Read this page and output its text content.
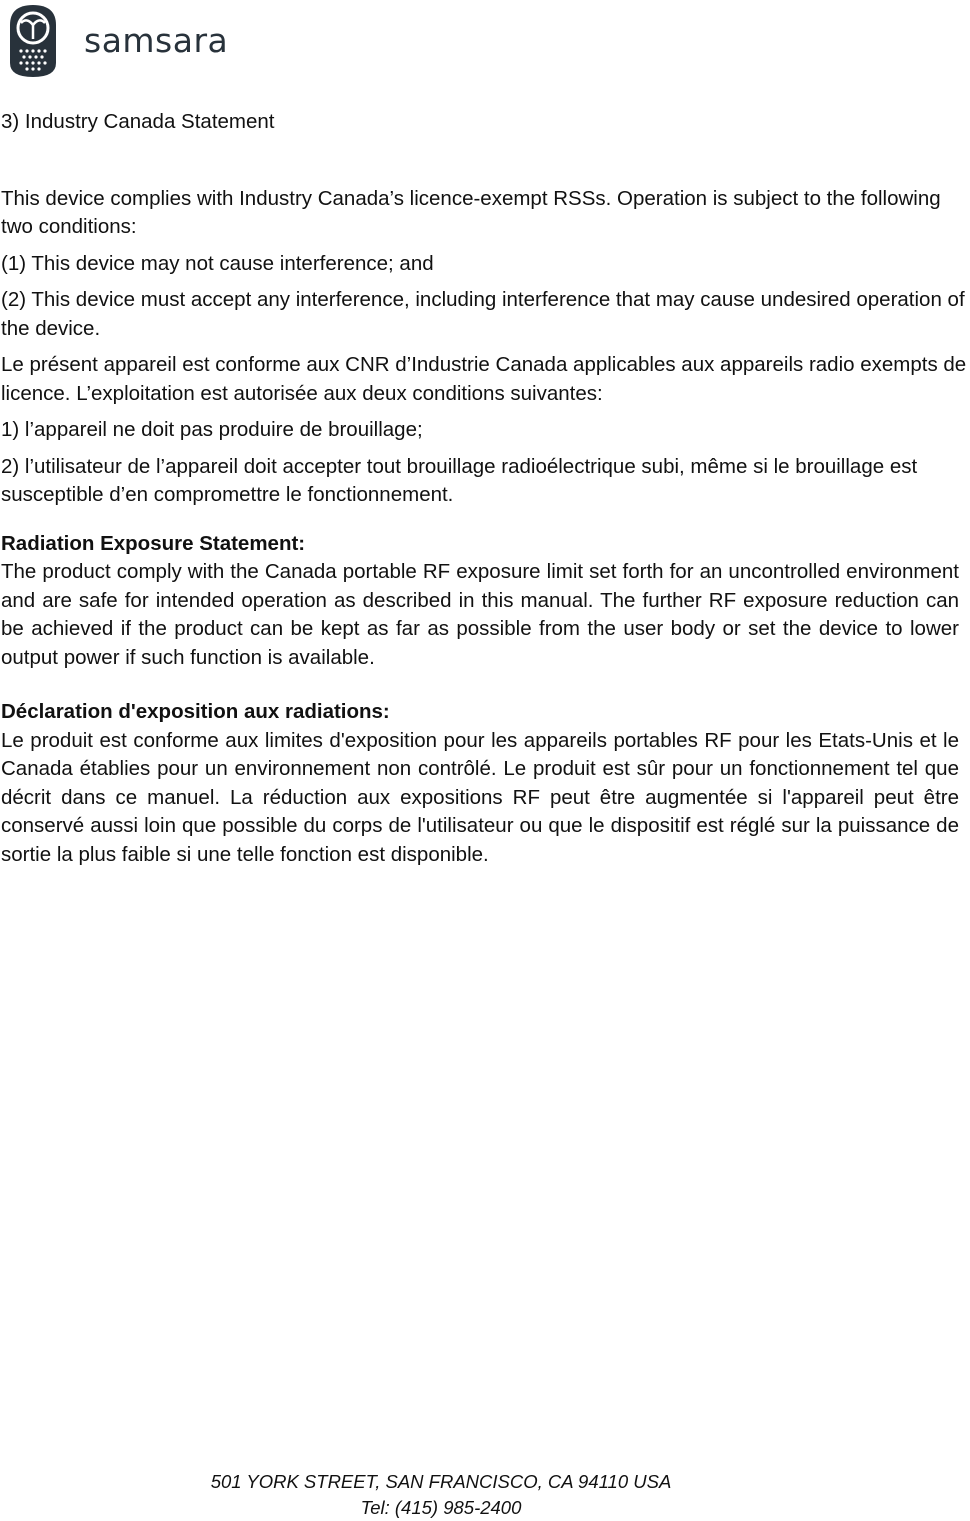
samsara
3) Industry Canada Statement

This device complies with Industry Canada’s licence-exempt RSSs. Operation is subject to the following two conditions:

(1) This device may not cause interference; and

(2) This device must accept any interference, including interference that may cause undesired operation of the device.

Le présent appareil est conforme aux CNR d’Industrie Canada applicables aux appareils radio exempts de licence. L’exploitation est autorisée aux deux conditions suivantes:

1) l’appareil ne doit pas produire de brouillage;

2) l’utilisateur de l’appareil doit accepter tout brouillage radioélectrique subi, même si le brouillage est susceptible d’en compromettre le fonctionnement.

Radiation Exposure Statement:

The product comply with the Canada portable RF exposure limit set forth for an uncontrolled environment and are safe for intended operation as described in this manual. The further RF exposure reduction can be achieved if the product can be kept as far as possible from the user body or set the device to lower output power if such function is available.

Déclaration d'exposition aux radiations:

Le produit est conforme aux limites d'exposition pour les appareils portables RF pour les Etats-Unis et le Canada établies pour un environnement non contrôlé. Le produit est sûr pour un fonctionnement tel que décrit dans ce manuel. La réduction aux expositions RF peut être augmentée si l'appareil peut être conservé aussi loin que possible du corps de l'utilisateur ou que le dispositif est réglé sur la puissance de sortie la plus faible si une telle fonction est disponible.

501 YORK STREET, SAN FRANCISCO, CA 94110 USA
Tel: (415) 985-2400
